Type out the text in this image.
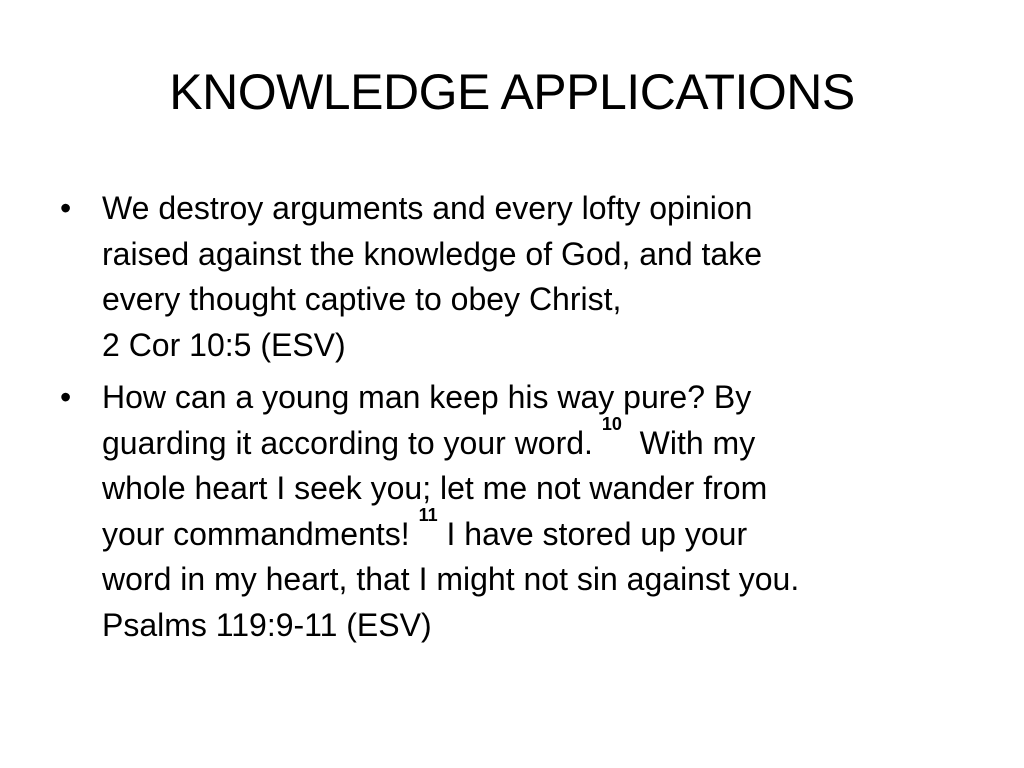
KNOWLEDGE APPLICATIONS
• We destroy arguments and every lofty opinion
raised against the knowledge of God, and take
every thought captive to obey Christ,
2 Cor 10:5 (ESV)
• How can a young man keep his way pure? By
guarding it according to your word. $^{10}$  With my
whole heart I seek you; let me not wander from
your commandments! $^{11}$ I have stored up your
word in my heart, that I might not sin against you.
Psalms 119:9-11 (ESV)
